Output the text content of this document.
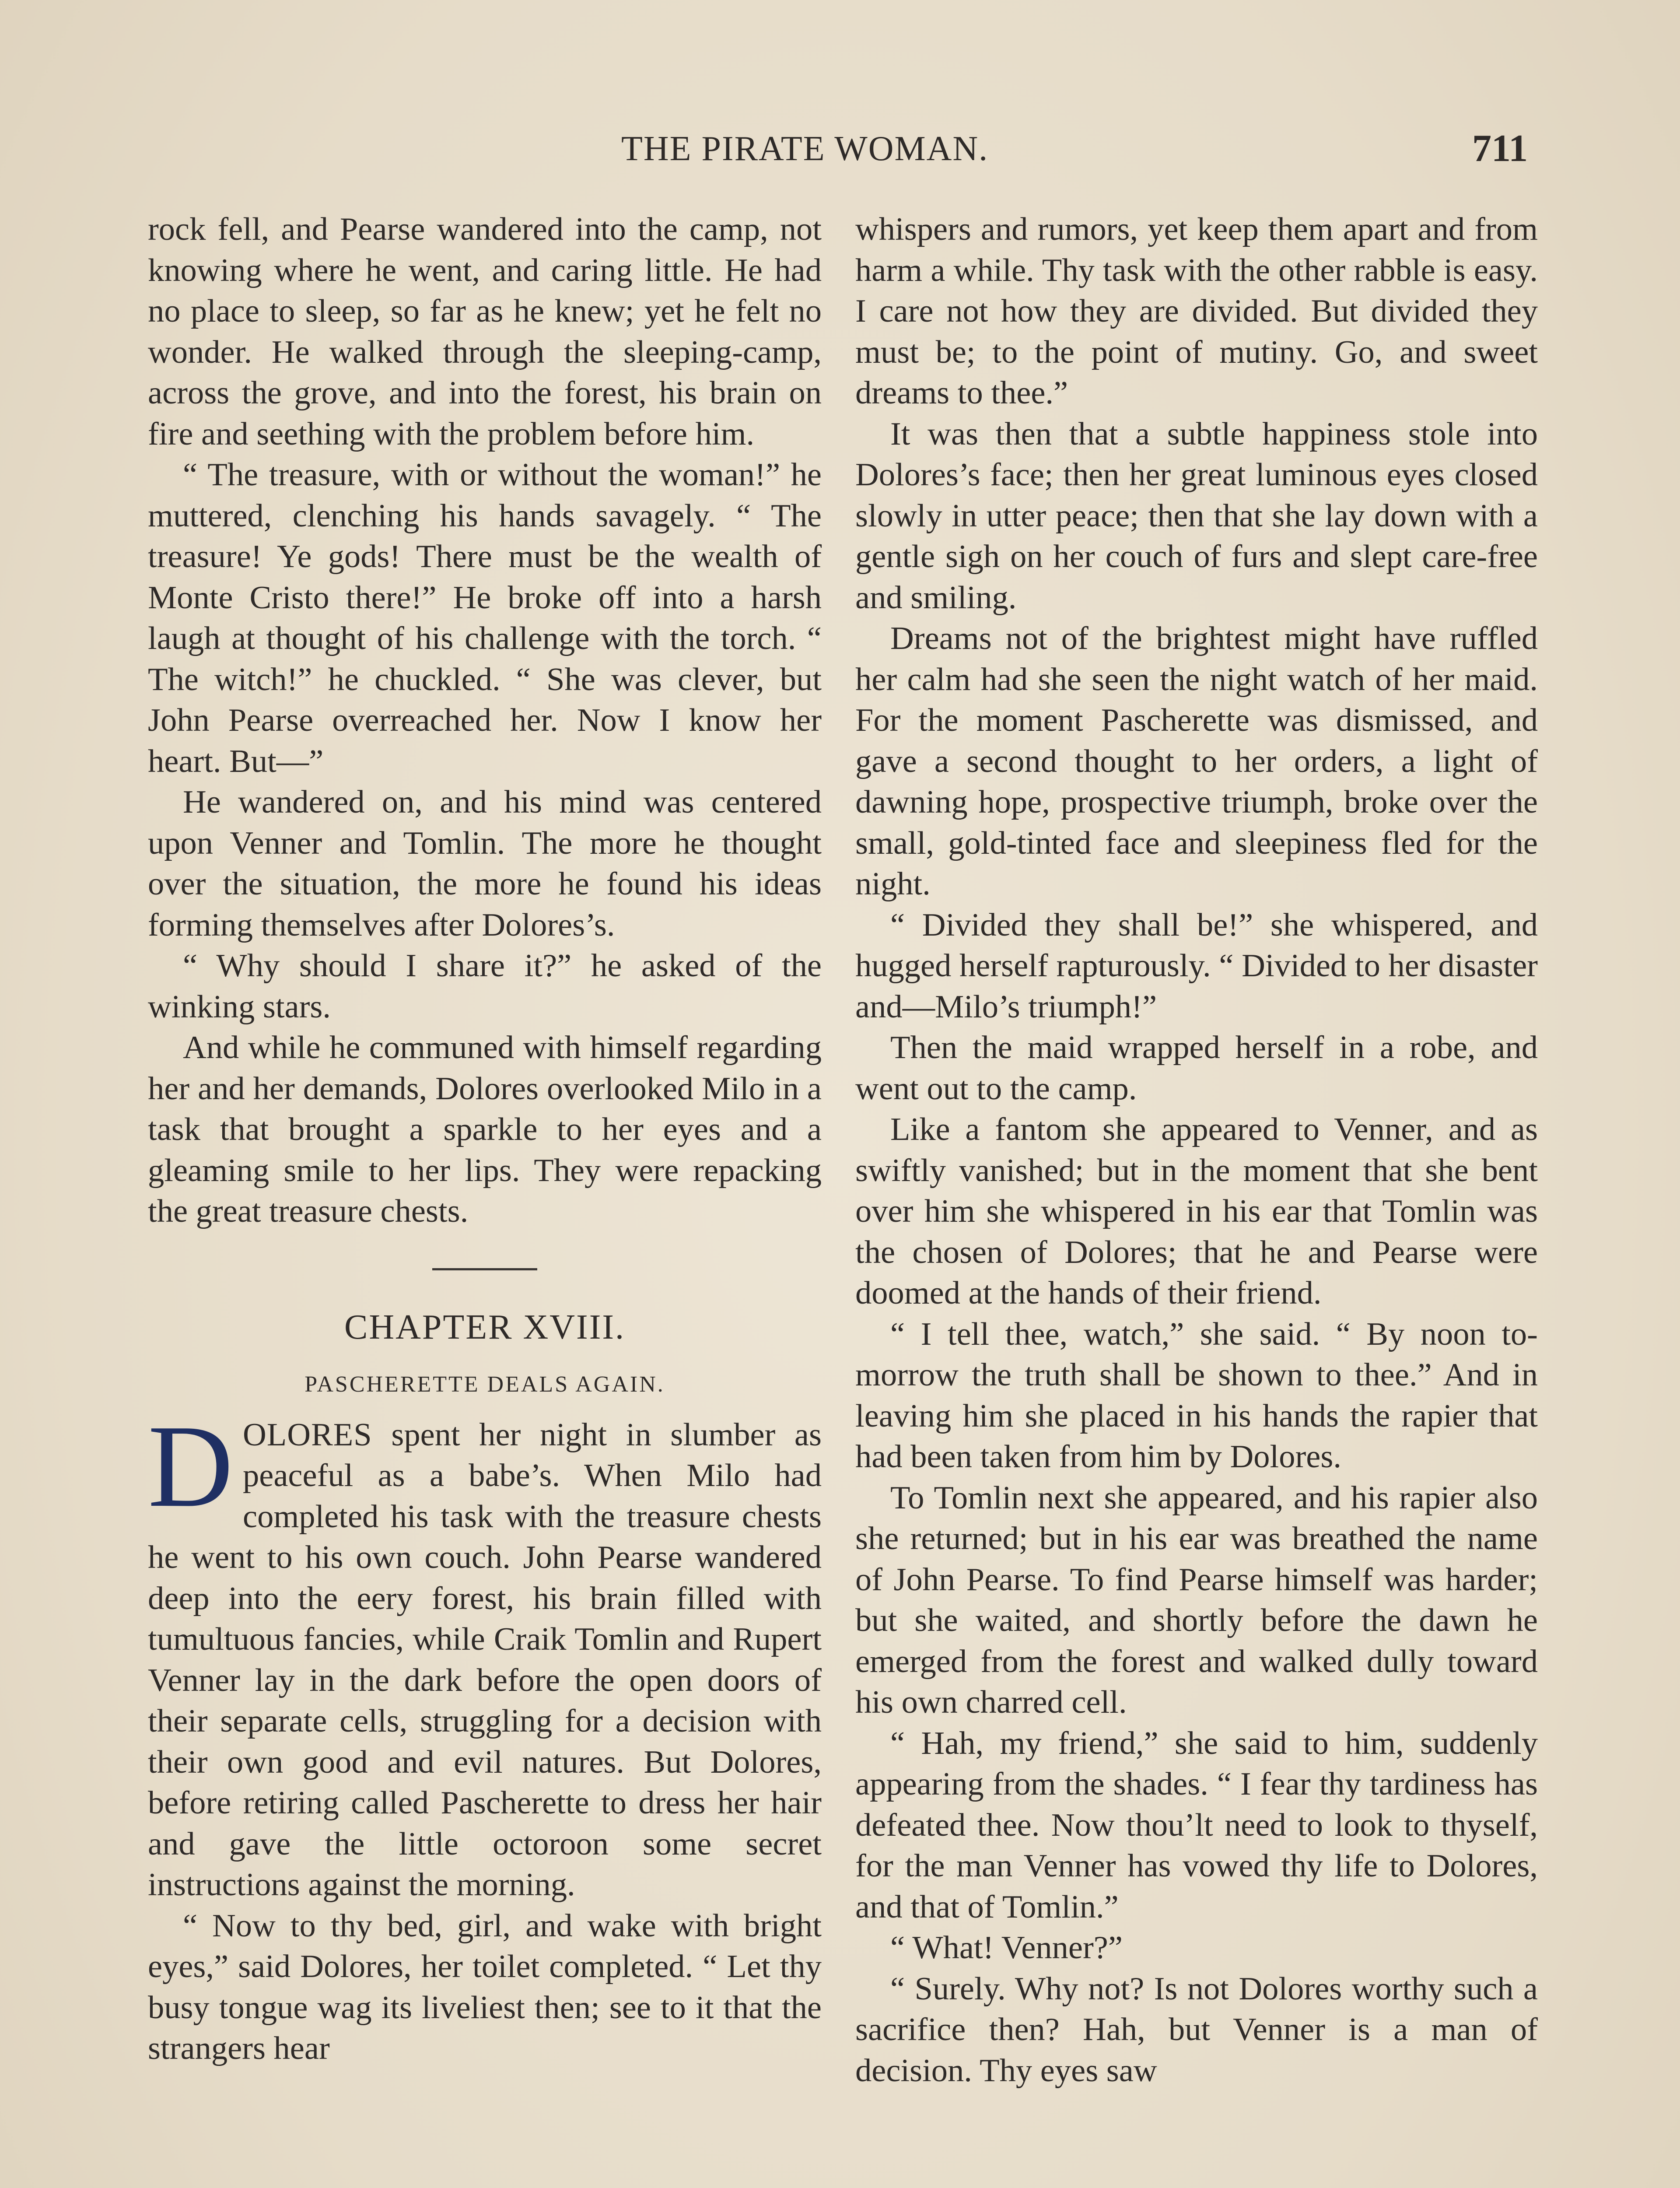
THE PIRATE WOMAN.	711

rock fell, and Pearse wandered into the camp, not knowing where he went, and caring little. He had no place to sleep, so far as he knew; yet he felt no wonder. He walked through the sleeping-camp, across the grove, and into the forest, his brain on fire and seething with the problem before him.

“ The treasure, with or without the woman!” he muttered, clenching his hands savagely. “ The treasure! Ye gods! There must be the wealth of Monte Cristo there!” He broke off into a harsh laugh at thought of his challenge with the torch. “ The witch!” he chuckled. “ She was clever, but John Pearse overreached her. Now I know her heart. But—”

He wandered on, and his mind was centered upon Venner and Tomlin. The more he thought over the situation, the more he found his ideas forming themselves after Dolores’s.

“ Why should I share it?” he asked of the winking stars.

And while he communed with himself regarding her and her demands, Dolores overlooked Milo in a task that brought a sparkle to her eyes and a gleaming smile to her lips. They were repacking the great treasure chests.

CHAPTER XVIII.
PASCHERETTE DEALS AGAIN.

DOLORES spent her night in slumber as peaceful as a babe’s. When Milo had completed his task with the treasure chests he went to his own couch. John Pearse wandered deep into the eery forest, his brain filled with tumultuous fancies, while Craik Tomlin and Rupert Venner lay in the dark before the open doors of their separate cells, struggling for a decision with their own good and evil natures. But Dolores, before retiring called Pascherette to dress her hair and gave the little octoroon some secret instructions against the morning.

“ Now to thy bed, girl, and wake with bright eyes,” said Dolores, her toilet completed. “ Let thy busy tongue wag its liveliest then; see to it that the strangers hear

whispers and rumors, yet keep them apart and from harm a while. Thy task with the other rabble is easy. I care not how they are divided. But divided they must be; to the point of mutiny. Go, and sweet dreams to thee.”

It was then that a subtle happiness stole into Dolores’s face; then her great luminous eyes closed slowly in utter peace; then that she lay down with a gentle sigh on her couch of furs and slept care-free and smiling.

Dreams not of the brightest might have ruffled her calm had she seen the night watch of her maid. For the moment Pascherette was dismissed, and gave a second thought to her orders, a light of dawning hope, prospective triumph, broke over the small, gold-tinted face and sleepiness fled for the night.

“ Divided they shall be!” she whispered, and hugged herself rapturously. “ Divided to her disaster and—Milo’s triumph!”

Then the maid wrapped herself in a robe, and went out to the camp.

Like a fantom she appeared to Venner, and as swiftly vanished; but in the moment that she bent over him she whispered in his ear that Tomlin was the chosen of Dolores; that he and Pearse were doomed at the hands of their friend.

“ I tell thee, watch,” she said. “ By noon to-morrow the truth shall be shown to thee.” And in leaving him she placed in his hands the rapier that had been taken from him by Dolores.

To Tomlin next she appeared, and his rapier also she returned; but in his ear was breathed the name of John Pearse. To find Pearse himself was harder; but she waited, and shortly before the dawn he emerged from the forest and walked dully toward his own charred cell.

“ Hah, my friend,” she said to him, suddenly appearing from the shades. “ I fear thy tardiness has defeated thee. Now thou’lt need to look to thyself, for the man Venner has vowed thy life to Dolores, and that of Tomlin.”

“ What! Venner?”

“ Surely. Why not? Is not Dolores worthy such a sacrifice then? Hah, but Venner is a man of decision. Thy eyes saw
